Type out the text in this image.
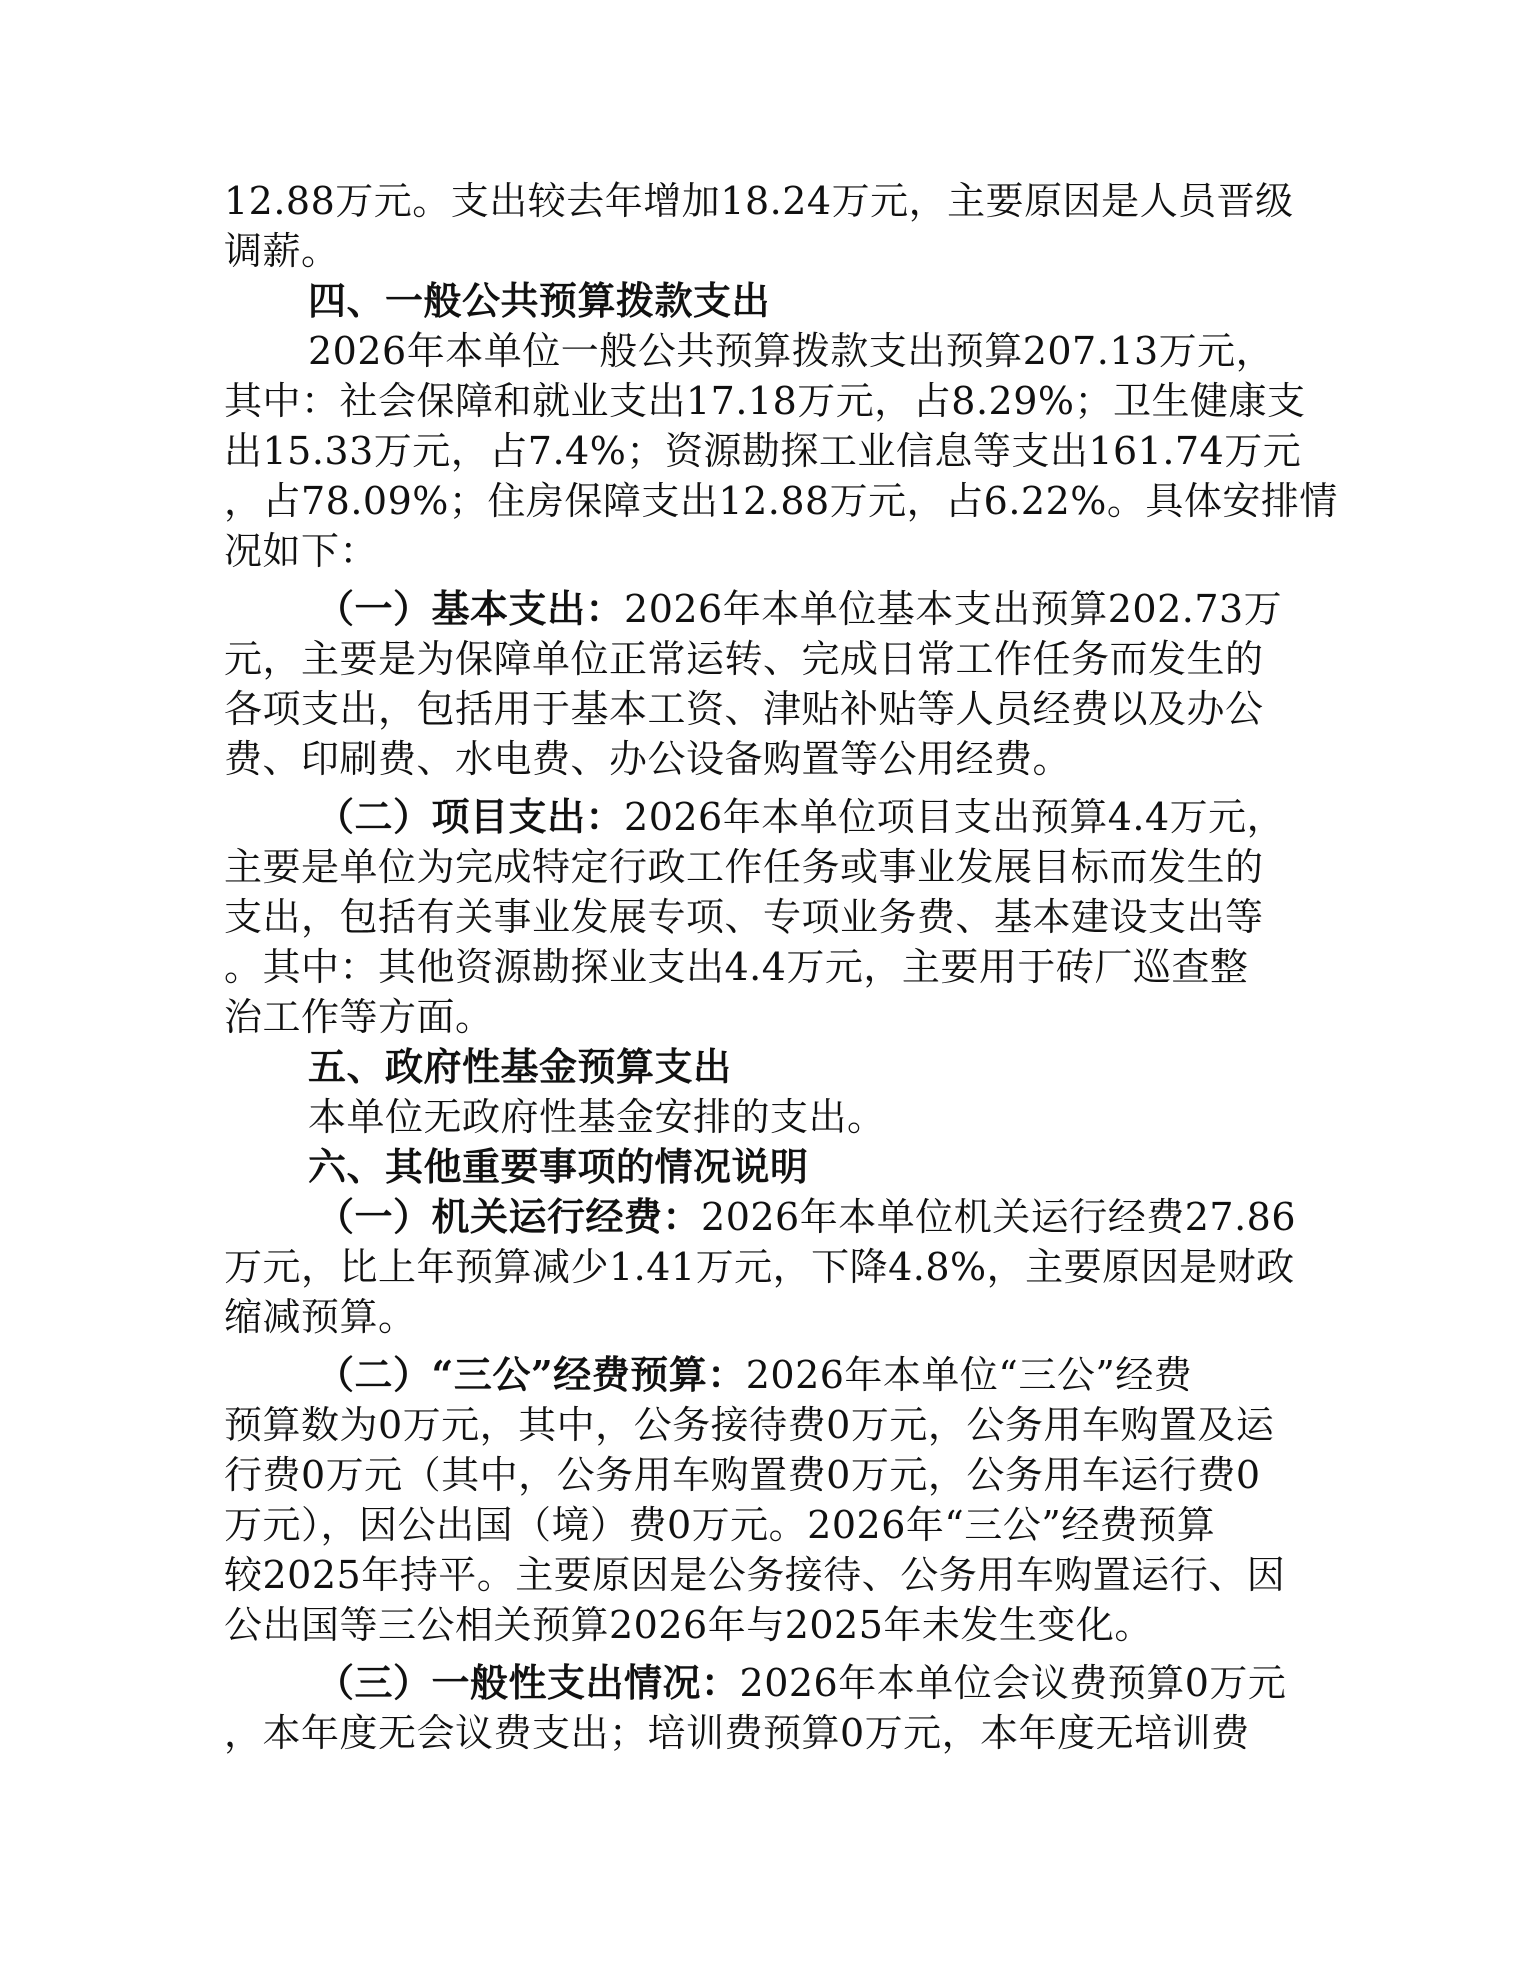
12.88万元。支出较去年增加18.24万元，主要原因是人员晋级
调薪。
四、一般公共预算拨款支出
2026年本单位一般公共预算拨款支出预算207.13万元，
其中：社会保障和就业支出17.18万元，占8.29%；卫生健康支
出15.33万元，占7.4%；资源勘探工业信息等支出161.74万元
，占78.09%；住房保障支出12.88万元，占6.22%。具体安排情
况如下：
（一）基本支出：2026年本单位基本支出预算202.73万
元，主要是为保障单位正常运转、完成日常工作任务而发生的
各项支出，包括用于基本工资、津贴补贴等人员经费以及办公
费、印刷费、水电费、办公设备购置等公用经费。
（二）项目支出：2026年本单位项目支出预算4.4万元，
主要是单位为完成特定行政工作任务或事业发展目标而发生的
支出，包括有关事业发展专项、专项业务费、基本建设支出等
。其中：其他资源勘探业支出4.4万元，主要用于砖厂巡查整
治工作等方面。
五、政府性基金预算支出
本单位无政府性基金安排的支出。
六、其他重要事项的情况说明
（一）机关运行经费：2026年本单位机关运行经费27.86
万元，比上年预算减少1.41万元，下降4.8%，主要原因是财政
缩减预算。
（二）“三公”经费预算：2026年本单位“三公”经费
预算数为0万元，其中，公务接待费0万元，公务用车购置及运
行费0万元（其中，公务用车购置费0万元，公务用车运行费0
万元），因公出国（境）费0万元。2026年“三公”经费预算
较2025年持平。主要原因是公务接待、公务用车购置运行、因
公出国等三公相关预算2026年与2025年未发生变化。
（三）一般性支出情况：2026年本单位会议费预算0万元
，本年度无会议费支出；培训费预算0万元，本年度无培训费
